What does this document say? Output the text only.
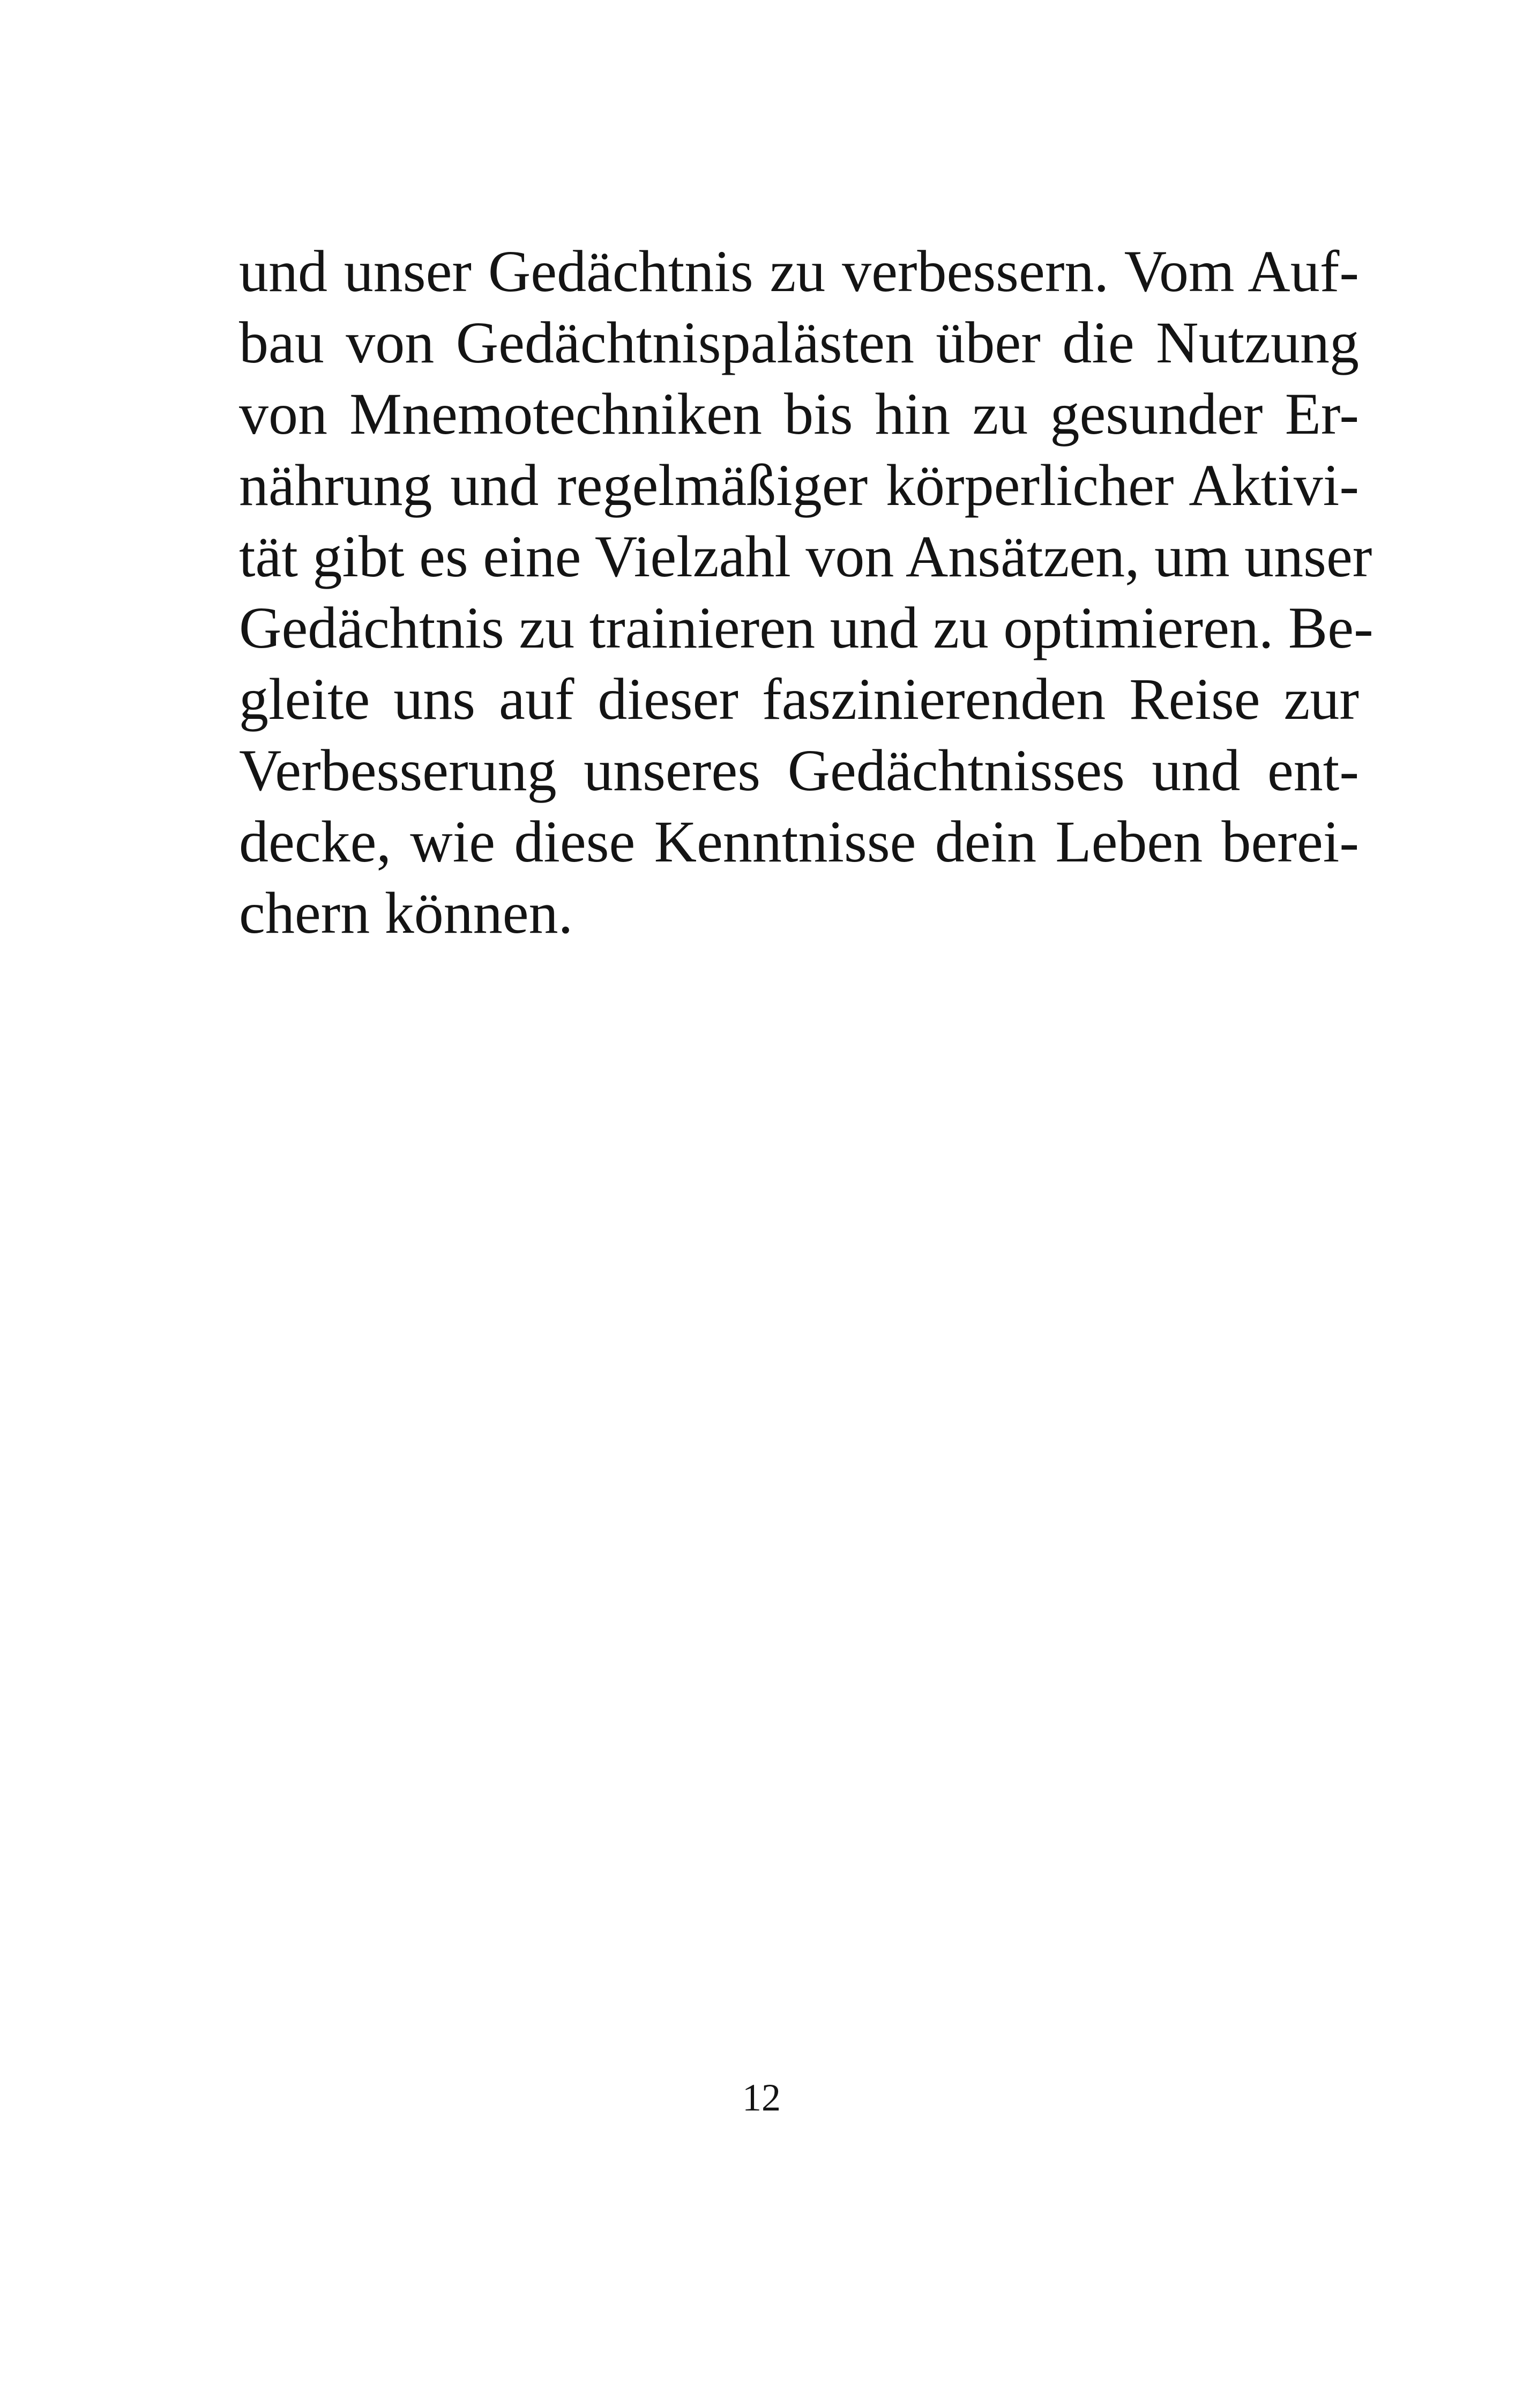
und unser Gedächtnis zu verbessern. Vom Auf-
bau von Gedächtnispalästen über die Nutzung
von Mnemotechniken bis hin zu gesunder Er-
nährung und regelmäßiger körperlicher Aktivi-
tät gibt es eine Vielzahl von Ansätzen, um unser
Gedächtnis zu trainieren und zu optimieren. Be-
gleite uns auf dieser faszinierenden Reise zur
Verbesserung unseres Gedächtnisses und ent-
decke, wie diese Kenntnisse dein Leben berei-
chern können.
12
